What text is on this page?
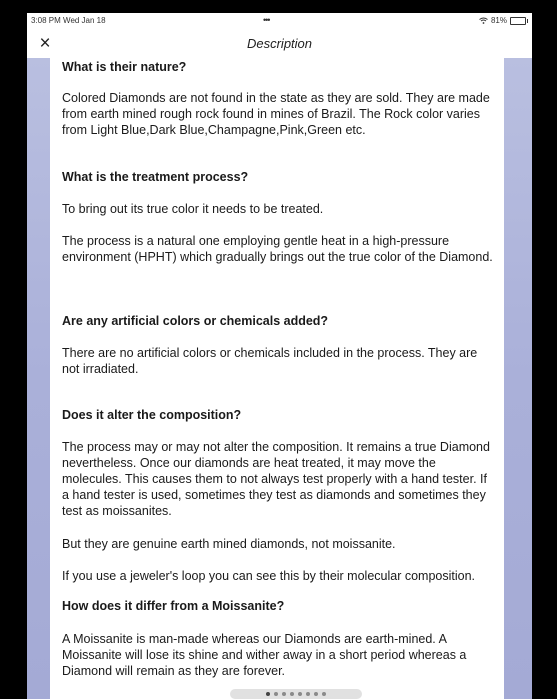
3:08 PM Wed Jan 18	•••	81%
×	Description

What is their nature?

Colored Diamonds are not found in the state as they are sold. They are made from earth mined rough rock found in mines of Brazil. The Rock color varies from Light Blue,Dark Blue,Champagne,Pink,Green etc.

What is the treatment process?

To bring out its true color it needs to be treated.

The process is a natural one employing gentle heat in a high-pressure environment (HPHT) which gradually brings out the true color of the Diamond.

Are any artificial colors or chemicals added?

There are no artificial colors or chemicals included in the process. They are not irradiated.

Does it alter the composition?

The process may or may not alter the composition. It remains a true Diamond nevertheless. Once our diamonds are heat treated, it may move the molecules. This causes them to not always test properly with a hand tester. If a hand tester is used, sometimes they test as diamonds and sometimes they test as moissanites.

But they are genuine earth mined diamonds, not moissanite.

If you use a jeweler's loop you can see this by their molecular composition.

How does it differ from a Moissanite?

A Moissanite is man-made whereas our Diamonds are earth-mined. A Moissanite will lose its shine and wither away in a short period whereas a Diamond will remain as they are forever.
